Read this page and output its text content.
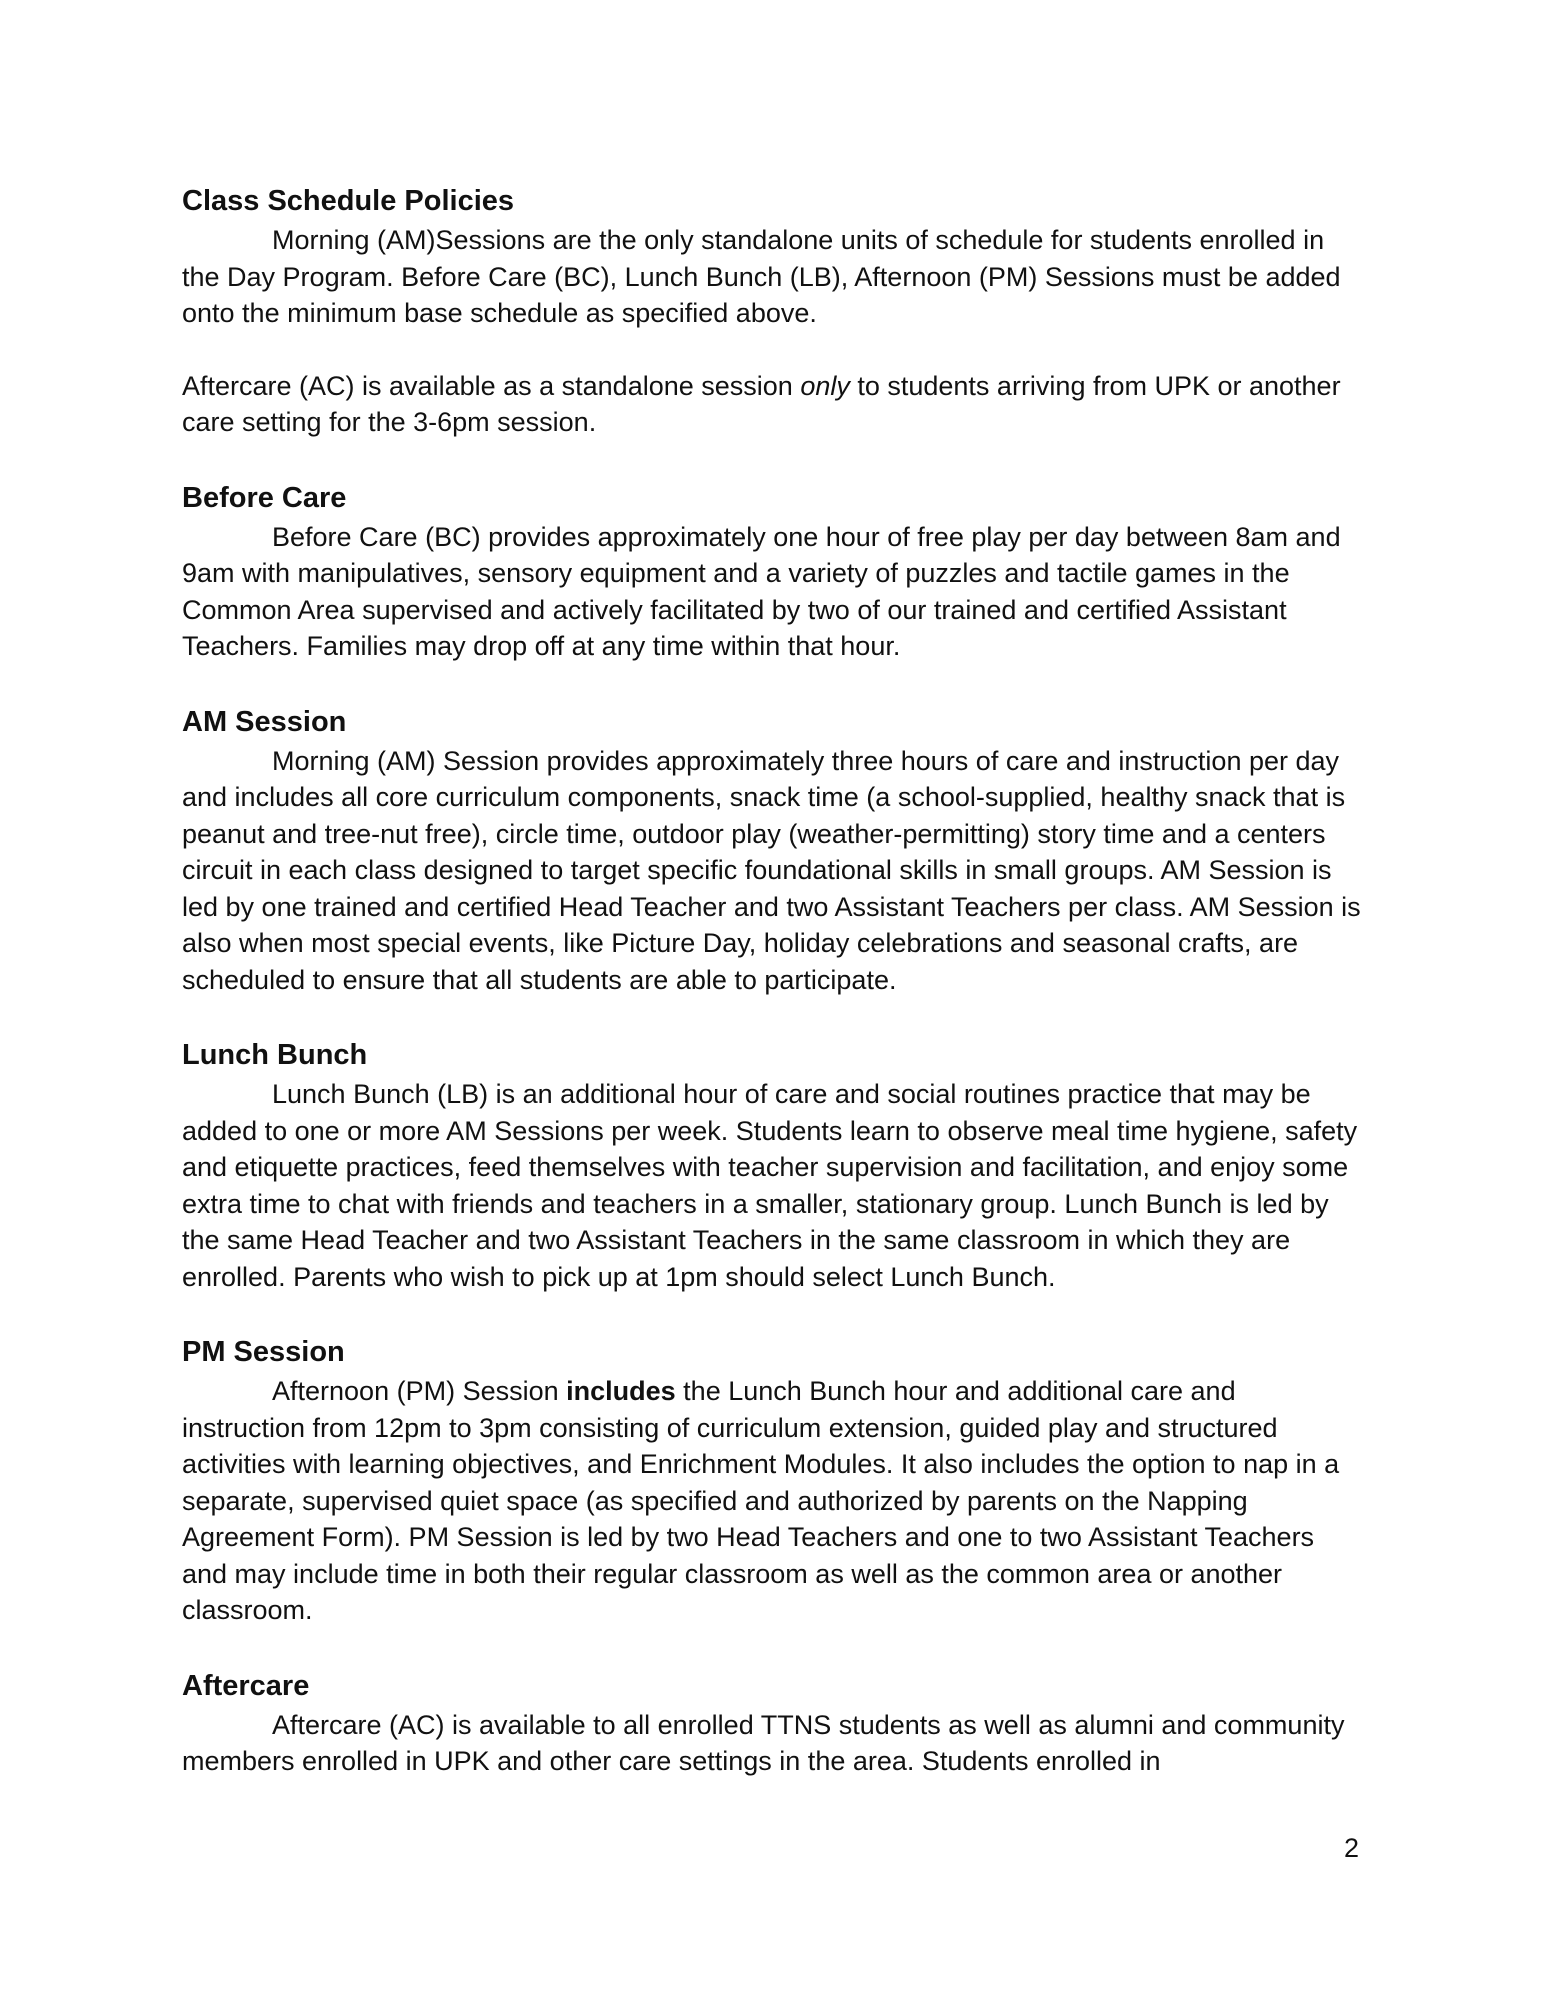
Class Schedule Policies

Morning (AM)Sessions are the only standalone units of schedule for students enrolled in the Day Program. Before Care (BC), Lunch Bunch (LB), Afternoon (PM) Sessions must be added onto the minimum base schedule as specified above.

Aftercare (AC) is available as a standalone session only to students arriving from UPK or another care setting for the 3-6pm session.

Before Care

Before Care (BC) provides approximately one hour of free play per day between 8am and 9am with manipulatives, sensory equipment and a variety of puzzles and tactile games in the Common Area supervised and actively facilitated by two of our trained and certified Assistant Teachers. Families may drop off at any time within that hour.

AM Session

Morning (AM) Session provides approximately three hours of care and instruction per day and includes all core curriculum components, snack time (a school-supplied, healthy snack that is peanut and tree-nut free), circle time, outdoor play (weather-permitting) story time and a centers circuit in each class designed to target specific foundational skills in small groups. AM Session is led by one trained and certified Head Teacher and two Assistant Teachers per class. AM Session is also when most special events, like Picture Day, holiday celebrations and seasonal crafts, are scheduled to ensure that all students are able to participate.

Lunch Bunch

Lunch Bunch (LB) is an additional hour of care and social routines practice that may be added to one or more AM Sessions per week. Students learn to observe meal time hygiene, safety and etiquette practices, feed themselves with teacher supervision and facilitation, and enjoy some extra time to chat with friends and teachers in a smaller, stationary group. Lunch Bunch is led by the same Head Teacher and two Assistant Teachers in the same classroom in which they are enrolled. Parents who wish to pick up at 1pm should select Lunch Bunch.

PM Session

Afternoon (PM) Session includes the Lunch Bunch hour and additional care and instruction from 12pm to 3pm consisting of curriculum extension, guided play and structured activities with learning objectives, and Enrichment Modules. It also includes the option to nap in a separate, supervised quiet space (as specified and authorized by parents on the Napping Agreement Form). PM Session is led by two Head Teachers and one to two Assistant Teachers and may include time in both their regular classroom as well as the common area or another classroom.

Aftercare

Aftercare (AC) is available to all enrolled TTNS students as well as alumni and community members enrolled in UPK and other care settings in the area. Students enrolled in

2
